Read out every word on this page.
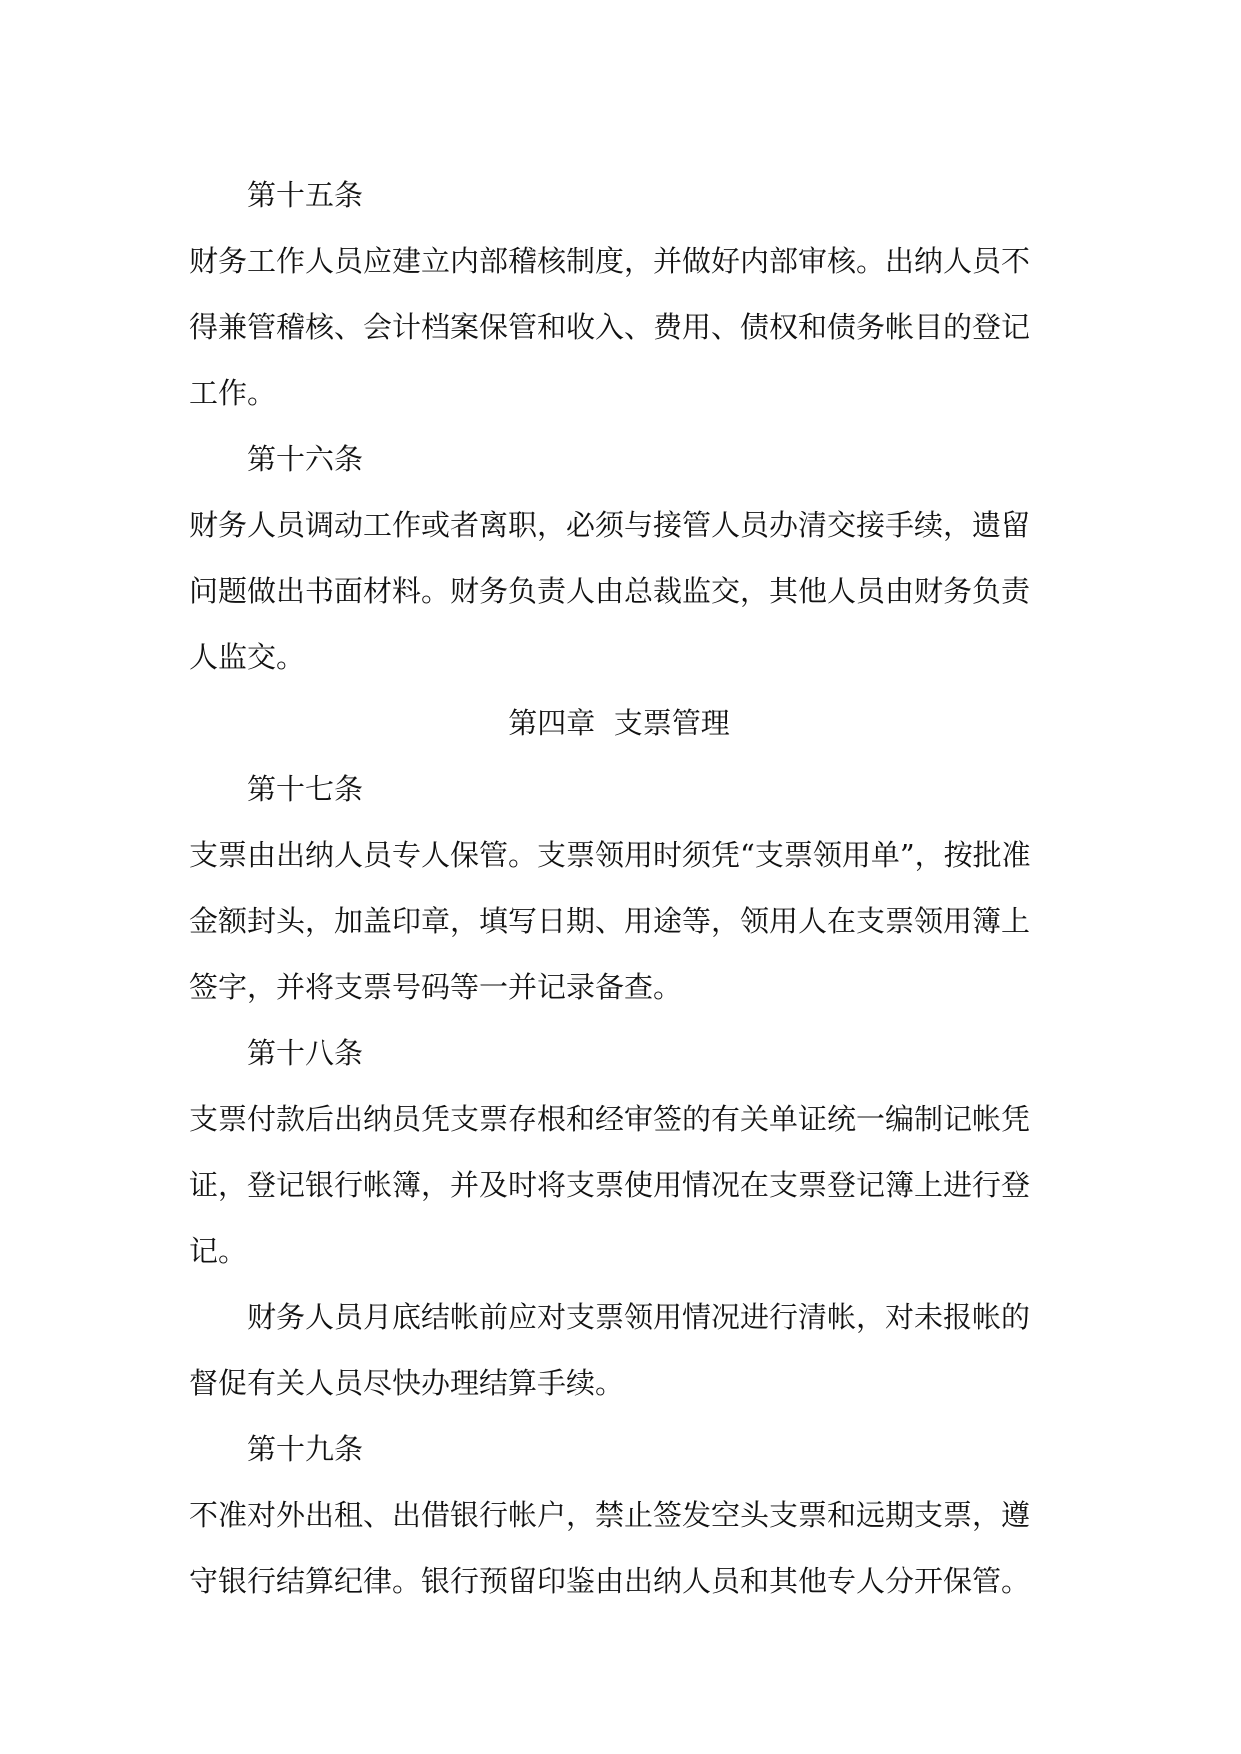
第十五条

财务工作人员应建立内部稽核制度，并做好内部审核。出纳人员不

得兼管稽核、会计档案保管和收入、费用、债权和债务帐目的登记

工作。

第十六条

财务人员调动工作或者离职，必须与接管人员办清交接手续，遗留

问题做出书面材料。财务负责人由总裁监交，其他人员由财务负责

人监交。

第四章  支票管理

第十七条

支票由出纳人员专人保管。支票领用时须凭“支票领用单”，按批准

金额封头，加盖印章，填写日期、用途等，领用人在支票领用簿上

签字，并将支票号码等一并记录备查。

第十八条

支票付款后出纳员凭支票存根和经审签的有关单证统一编制记帐凭

证，登记银行帐簿，并及时将支票使用情况在支票登记簿上进行登

记。

财务人员月底结帐前应对支票领用情况进行清帐，对未报帐的

督促有关人员尽快办理结算手续。

第十九条

不准对外出租、出借银行帐户，禁止签发空头支票和远期支票，遵

守银行结算纪律。银行预留印鉴由出纳人员和其他专人分开保管。
